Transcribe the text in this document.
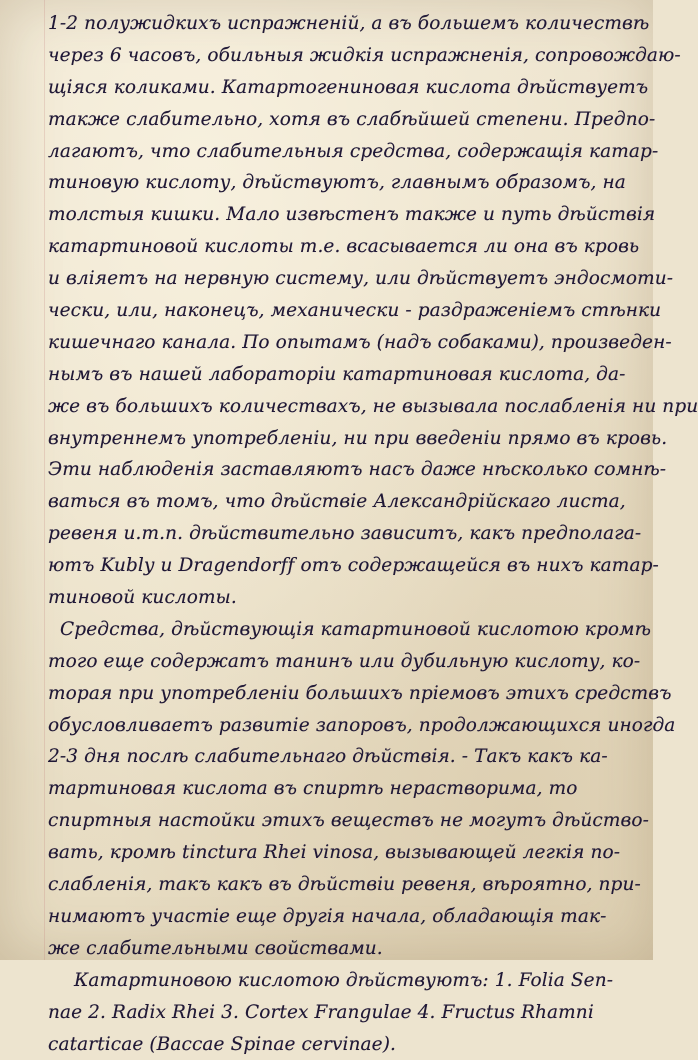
1-2 полужидкихъ испражненій, а въ большемъ количествѣ
через 6 часовъ, обильныя жидкія испражненія, сопровождаю-
щіяся коликами. Катартогениновая кислота дѣйствуетъ
также слабительно, хотя въ слабѣйшей степени. Предпо-
лагаютъ, что слабительныя средства, содержащія катар-
тиновую кислоту, дѣйствуютъ, главнымъ образомъ, на
толстыя кишки. Мало извѣстенъ также и путь дѣйствія
катартиновой кислоты т.е. всасывается ли она въ кровь
и вліяетъ на нервную систему, или дѣйствуетъ эндосмоти-
чески, или, наконецъ, механически - раздраженіемъ стѣнки
кишечнаго канала. По опытамъ (надъ собаками), произведен-
нымъ въ нашей лабораторіи катартиновая кислота, да-
же въ большихъ количествахъ, не вызывала послабленія ни при
внутреннемъ употребленіи, ни при введеніи прямо въ кровь.
Эти наблюденія заставляютъ насъ даже нѣсколько сомнѣ-
ваться въ томъ, что дѣйствіе Александрійскаго листа,
ревеня и.т.п. дѣйствительно зависитъ, какъ предполага-
ютъ Kubly и Dragendorff отъ содержащейся въ нихъ катар-
тиновой кислоты.
Средства, дѣйствующія катартиновой кислотою кромѣ
того еще содержатъ танинъ или дубильную кислоту, ко-
торая при употребленіи большихъ пріемовъ этихъ средствъ
обусловливаетъ развитіе запоровъ, продолжающихся иногда
2-3 дня послѣ слабительнаго дѣйствія. - Такъ какъ ка-
тартиновая кислота въ спиртѣ нерастворима, то
спиртныя настойки этихъ веществъ не могутъ дѣйство-
вать, кромѣ tinctura Rhei vinosa, вызывающей легкія по-
слабленія, такъ какъ въ дѣйствіи ревеня, вѣроятно, при-
нимаютъ участіе еще другія начала, обладающія так-
же слабительными свойствами.
Катартиновою кислотою дѣйствуютъ: 1. Folia Sen-
nae 2. Radix Rhei 3. Cortex Frangulae 4. Fructus Rhamni
catarticae (Baccae Spinae cervinae).
